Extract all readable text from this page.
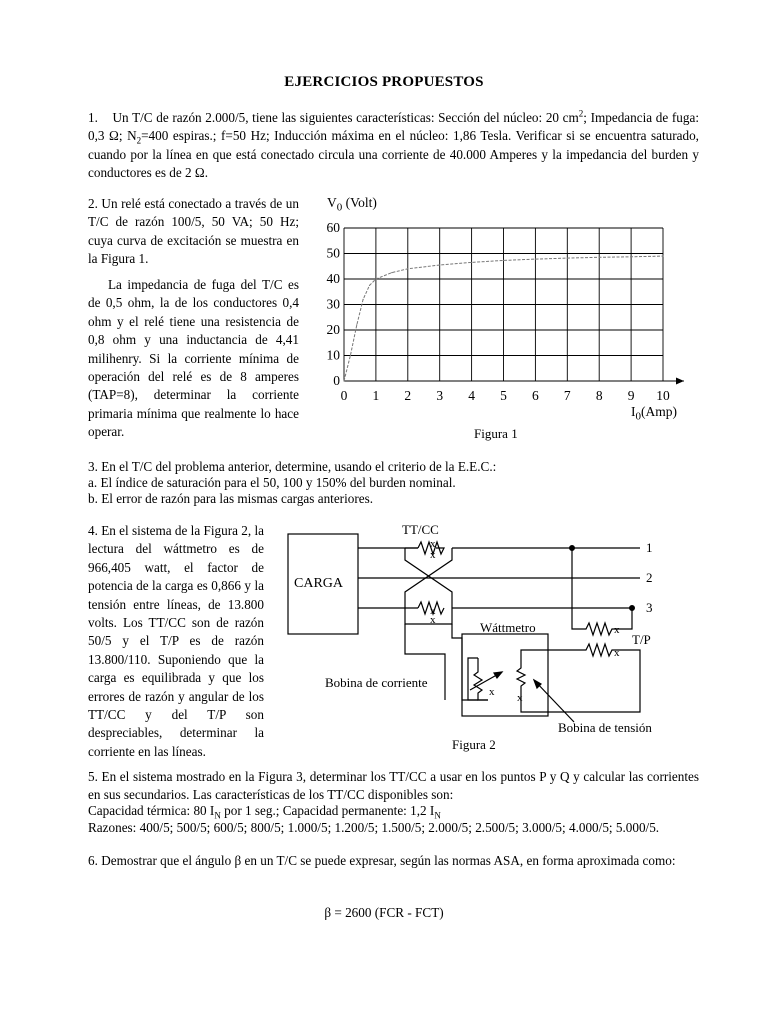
EJERCICIOS PROPUESTOS

1. Un T/C de razón 2.000/5, tiene las siguientes características: Sección del núcleo: 20 $cm^2$; Impedancia de fuga: 0,3 Ω; $N_2=400$ espiras.; f=50 Hz; Inducción máxima en el núcleo: 1,86 Tesla. Verificar si se encuentra saturado, cuando por la línea en que está conectado circula una corriente de 40.000 Amperes y la impedancia del burden y conductores es de 2 Ω.

2. Un relé está conectado a través de un T/C de razón 100/5, 50 VA; 50 Hz; cuya curva de excitación se muestra en la Figura 1.

La impedancia de fuga del T/C es de 0,5 ohm, la de los conductores 0,4 ohm y el relé tiene una resistencia de 0,8 ohm y una inductancia de 4,41 milihenry. Si la corriente mínima de operación del relé es de 8 amperes (TAP=8), determinar la corriente primaria mínima que realmente lo hace operar.

0 1 2 3 4 5 6 7 8 9 10
0
10
20
30
40
50
60
$V_0$ (Volt)
$I_0(Amp)$
Figura 1

3. En el T/C del problema anterior, determine, usando el criterio de la E.E.C.:

a. El índice de saturación para el 50, 100 y 150% del burden nominal.

b. El error de razón para las mismas cargas anteriores.

4. En el sistema de la Figura 2, la lectura del wáttmetro es de 966,405 watt, el factor de potencia de la carga es 0,866 y la tensión entre líneas, de 13.800 volts. Los TT/CC son de razón 50/5 y el T/P es de razón 13.800/110. Suponiendo que la carga es equilibrada y que los errores de razón y angular de los TT/CC y del T/P son despreciables, determinar la corriente en las líneas.

TT/CC
CARGA
1
2
3
Wáttmetro
T/P
Bobina de corriente
Bobina de tensión
Figura 2
x
x
x
x
x
x
x x

5. En el sistema mostrado en la Figura 3, determinar los TT/CC a usar en los puntos P y Q y calcular las corrientes en sus secundarios. Las características de los TT/CC disponibles son:

Capacidad térmica: 80 $I_N$ por 1 seg.; Capacidad permanente: 1,2 $I_N$

Razones: 400/5; 500/5; 600/5; 800/5; 1.000/5; 1.200/5; 1.500/5; 2.000/5; 2.500/5; 3.000/5; 4.000/5; 5.000/5.

6. Demostrar que el ángulo β en un T/C se puede expresar, según las normas ASA, en forma aproximada como:

β = 2600 (FCR - FCT)
